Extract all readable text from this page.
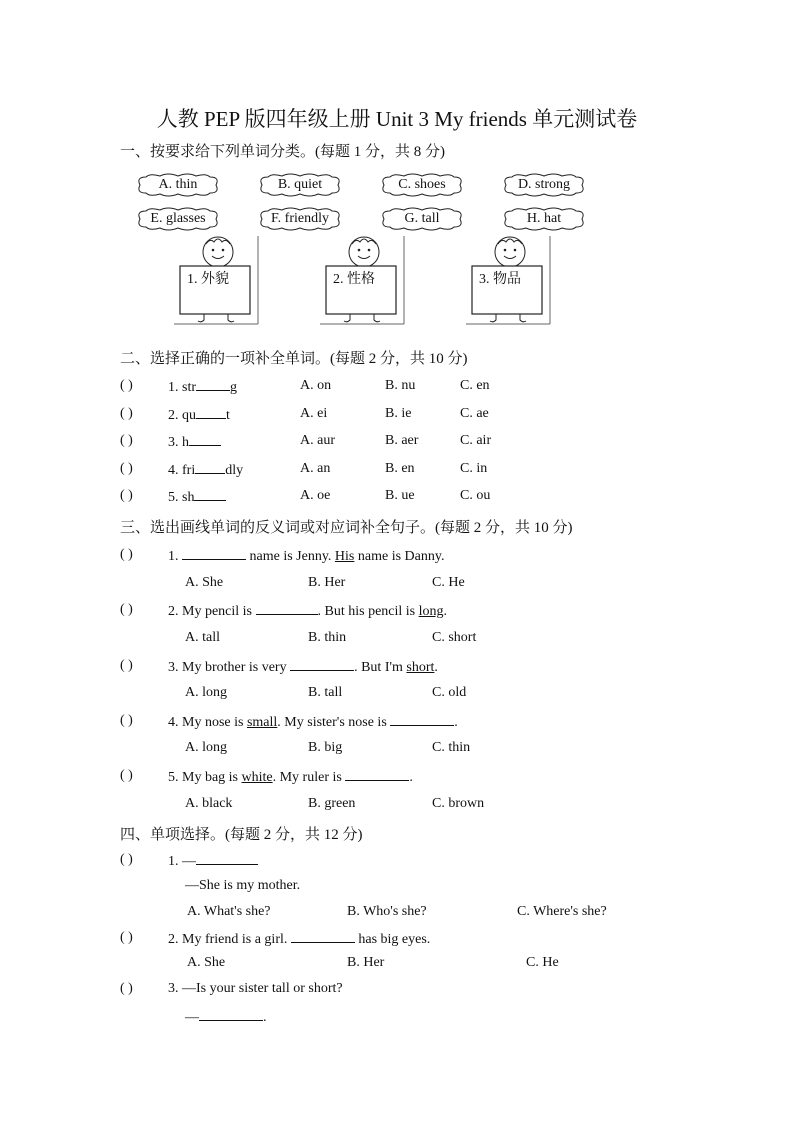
人教 PEP 版四年级上册 Unit 3 My friends 单元测试卷
一、按要求给下列单词分类。(每题 1 分，共 8 分)
A. thin	B. quiet	C. shoes	D. strong
E. glasses	F. friendly	G. tall	H. hat
1. 外貌	2. 性格	3. 物品
二、选择正确的一项补全单词。(每题 2 分，共 10 分)
( )	1. str g	A. on	B. nu	C. en
( )	2. qu t	A. ei	B. ie	C. ae
( )	3. h	A. aur	B. aer	C. air
( )	4. fri dly	A. an	B. en	C. in
( )	5. sh	A. oe	B. ue	C. ou
三、选出画线单词的反义词或对应词补全句子。(每题 2 分，共 10 分)
( )	1.	name is Jenny. His name is Danny.
A. She	B. Her	C. He
( )	2. My pencil is	. But his pencil is long.
A. tall	B. thin	C. short
( )	3. My brother is very	. But I'm short.
A. long	B. tall	C. old
( )	4. My nose is small. My sister's nose is	.
A. long	B. big	C. thin
( )	5. My bag is white. My ruler is	.
A. black	B. green	C. brown
四、单项选择。(每题 2 分，共 12 分)
( )	1. —
—She is my mother.
A. What's she?	B. Who's she?	C. Where's she?
( )	2. My friend is a girl.	has big eyes.
A. She	B. Her	C. He
( )	3. —Is your sister tall or short?
—	.
